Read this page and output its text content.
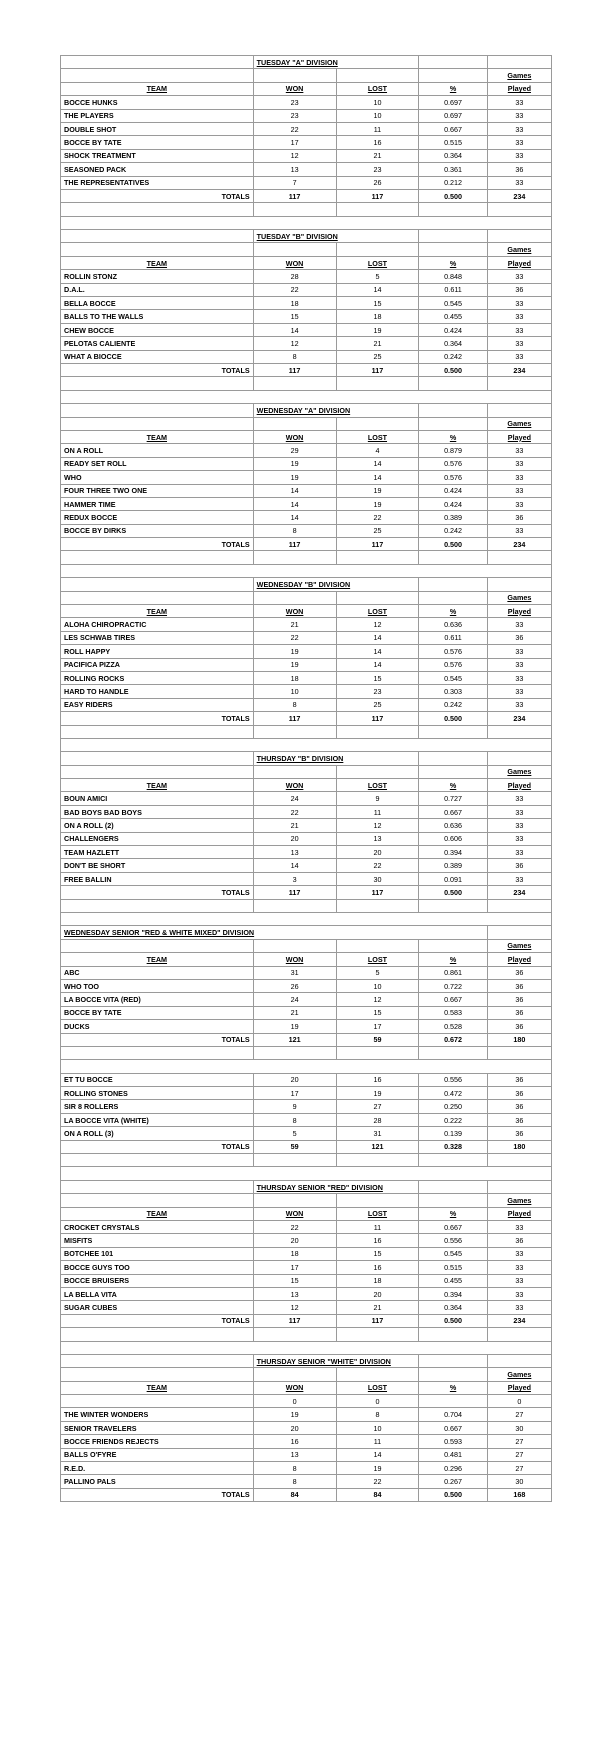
	TUESDAY "A" DIVISION			
				Games
TEAM	WON	LOST	%	Played
BOCCE HUNKS	23	10	0.697	33
THE PLAYERS	23	10	0.697	33
DOUBLE SHOT	22	11	0.667	33
BOCCE BY TATE	17	16	0.515	33
SHOCK TREATMENT	12	21	0.364	33
SEASONED PACK	13	23	0.361	36
THE REPRESENTATIVES	7	26	0.212	33
TOTALS	117	117	0.500	234

	TUESDAY "B" DIVISION			
				Games
TEAM	WON	LOST	%	Played
ROLLIN STONZ	28	5	0.848	33
D.A.L.	22	14	0.611	36
BELLA BOCCE	18	15	0.545	33
BALLS TO THE WALLS	15	18	0.455	33
CHEW BOCCE	14	19	0.424	33
PELOTAS CALIENTE	12	21	0.364	33
WHAT A BIOCCE	8	25	0.242	33
TOTALS	117	117	0.500	234

	WEDNESDAY "A" DIVISION			
				Games
TEAM	WON	LOST	%	Played
ON A ROLL	29	4	0.879	33
READY SET ROLL	19	14	0.576	33
WHO	19	14	0.576	33
FOUR THREE TWO ONE	14	19	0.424	33
HAMMER TIME	14	19	0.424	33
REDUX BOCCE	14	22	0.389	36
BOCCE BY DIRKS	8	25	0.242	33
TOTALS	117	117	0.500	234

	WEDNESDAY "B" DIVISION			
				Games
TEAM	WON	LOST	%	Played
ALOHA CHIROPRACTIC	21	12	0.636	33
LES SCHWAB TIRES	22	14	0.611	36
ROLL HAPPY	19	14	0.576	33
PACIFICA PIZZA	19	14	0.576	33
ROLLING ROCKS	18	15	0.545	33
HARD TO HANDLE	10	23	0.303	33
EASY RIDERS	8	25	0.242	33
TOTALS	117	117	0.500	234

	THURSDAY "B" DIVISION			
				Games
TEAM	WON	LOST	%	Played
BOUN AMICI	24	9	0.727	33
BAD BOYS BAD BOYS	22	11	0.667	33
ON A ROLL (2)	21	12	0.636	33
CHALLENGERS	20	13	0.606	33
TEAM HAZLETT	13	20	0.394	33
DON'T BE SHORT	14	22	0.389	36
FREE BALLIN	3	30	0.091	33
TOTALS	117	117	0.500	234

WEDNESDAY SENIOR "RED & WHITE MIXED" DIVISION				
				Games
TEAM	WON	LOST	%	Played
ABC	31	5	0.861	36
WHO TOO	26	10	0.722	36
LA BOCCE VITA (RED)	24	12	0.667	36
BOCCE BY TATE	21	15	0.583	36
DUCKS	19	17	0.528	36
TOTALS	121	59	0.672	180

ET TU BOCCE	20	16	0.556	36
ROLLING STONES	17	19	0.472	36
SIR 8 ROLLERS	9	27	0.250	36
LA BOCCE VITA (WHITE)	8	28	0.222	36
ON A ROLL (3)	5	31	0.139	36
TOTALS	59	121	0.328	180

	THURSDAY SENIOR "RED" DIVISION			
				Games
TEAM	WON	LOST	%	Played
CROCKET CRYSTALS	22	11	0.667	33
MISFITS	20	16	0.556	36
BOTCHEE 101	18	15	0.545	33
BOCCE GUYS TOO	17	16	0.515	33
BOCCE BRUISERS	15	18	0.455	33
LA BELLA VITA	13	20	0.394	33
SUGAR CUBES	12	21	0.364	33
TOTALS	117	117	0.500	234

	THURSDAY SENIOR "WHITE" DIVISION			
				Games
TEAM	WON	LOST	%	Played
	0	0		0
THE WINTER WONDERS	19	8	0.704	27
SENIOR TRAVELERS	20	10	0.667	30
BOCCE FRIENDS REJECTS	16	11	0.593	27
BALLS O'FYRE	13	14	0.481	27
R.E.D.	8	19	0.296	27
PALLINO PALS	8	22	0.267	30
TOTALS	84	84	0.500	168
